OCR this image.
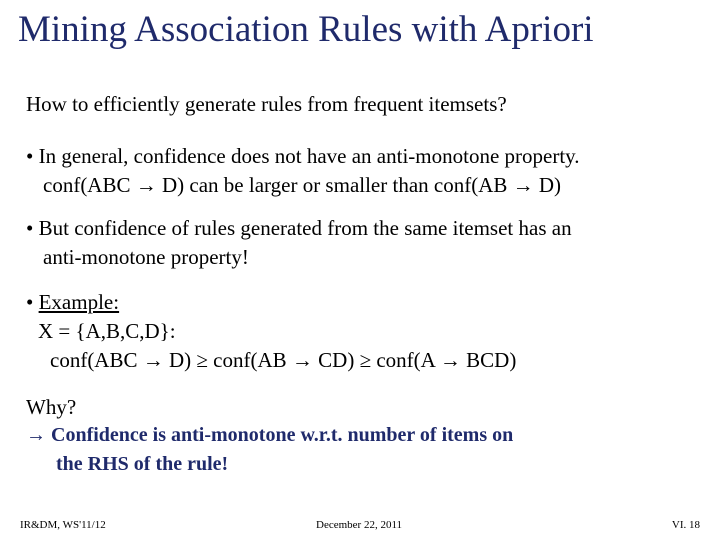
Mining Association Rules with Apriori
How to efficiently generate rules from frequent itemsets?
• In general, confidence does not have an anti-monotone property.
conf(ABC → D) can be larger or smaller than conf(AB → D)
• But confidence of rules generated from the same itemset has an
anti-monotone property!
• Example:
X = {A,B,C,D}:
conf(ABC → D) ≥ conf(AB → CD) ≥ conf(A → BCD)
Why?
→ Confidence is anti-monotone w.r.t. number of items on
the RHS of the rule!
IR&DM, WS'11/12	December 22, 2011	VI. 18
